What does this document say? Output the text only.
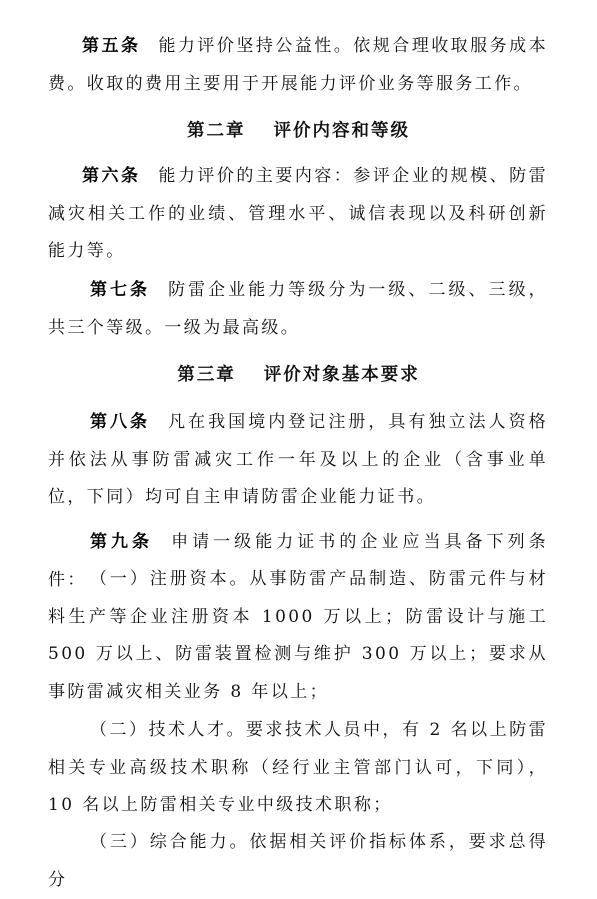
第五条 能力评价坚持公益性。依规合理收取服务成本费。收取的费用主要用于开展能力评价业务等服务工作。

第二章 评价内容和等级

第六条 能力评价的主要内容：参评企业的规模、防雷减灾相关工作的业绩、管理水平、诚信表现以及科研创新能力等。

第七条 防雷企业能力等级分为一级、二级、三级，共三个等级。一级为最高级。

第三章 评价对象基本要求

第八条 凡在我国境内登记注册，具有独立法人资格并依法从事防雷减灾工作一年及以上的企业（含事业单位，下同）均可自主申请防雷企业能力证书。

第九条 申请一级能力证书的企业应当具备下列条件： （一）注册资本。从事防雷产品制造、防雷元件与材料生产等企业注册资本 1000 万以上；防雷设计与施工 500 万以上、防雷装置检测与维护 300 万以上；要求从事防雷减灾相关业务 8 年以上；

（二）技术人才。要求技术人员中，有 2 名以上防雷相关专业高级技术职称（经行业主管部门认可，下同），10 名以上防雷相关专业中级技术职称；

（三）综合能力。依据相关评价指标体系，要求总得分
